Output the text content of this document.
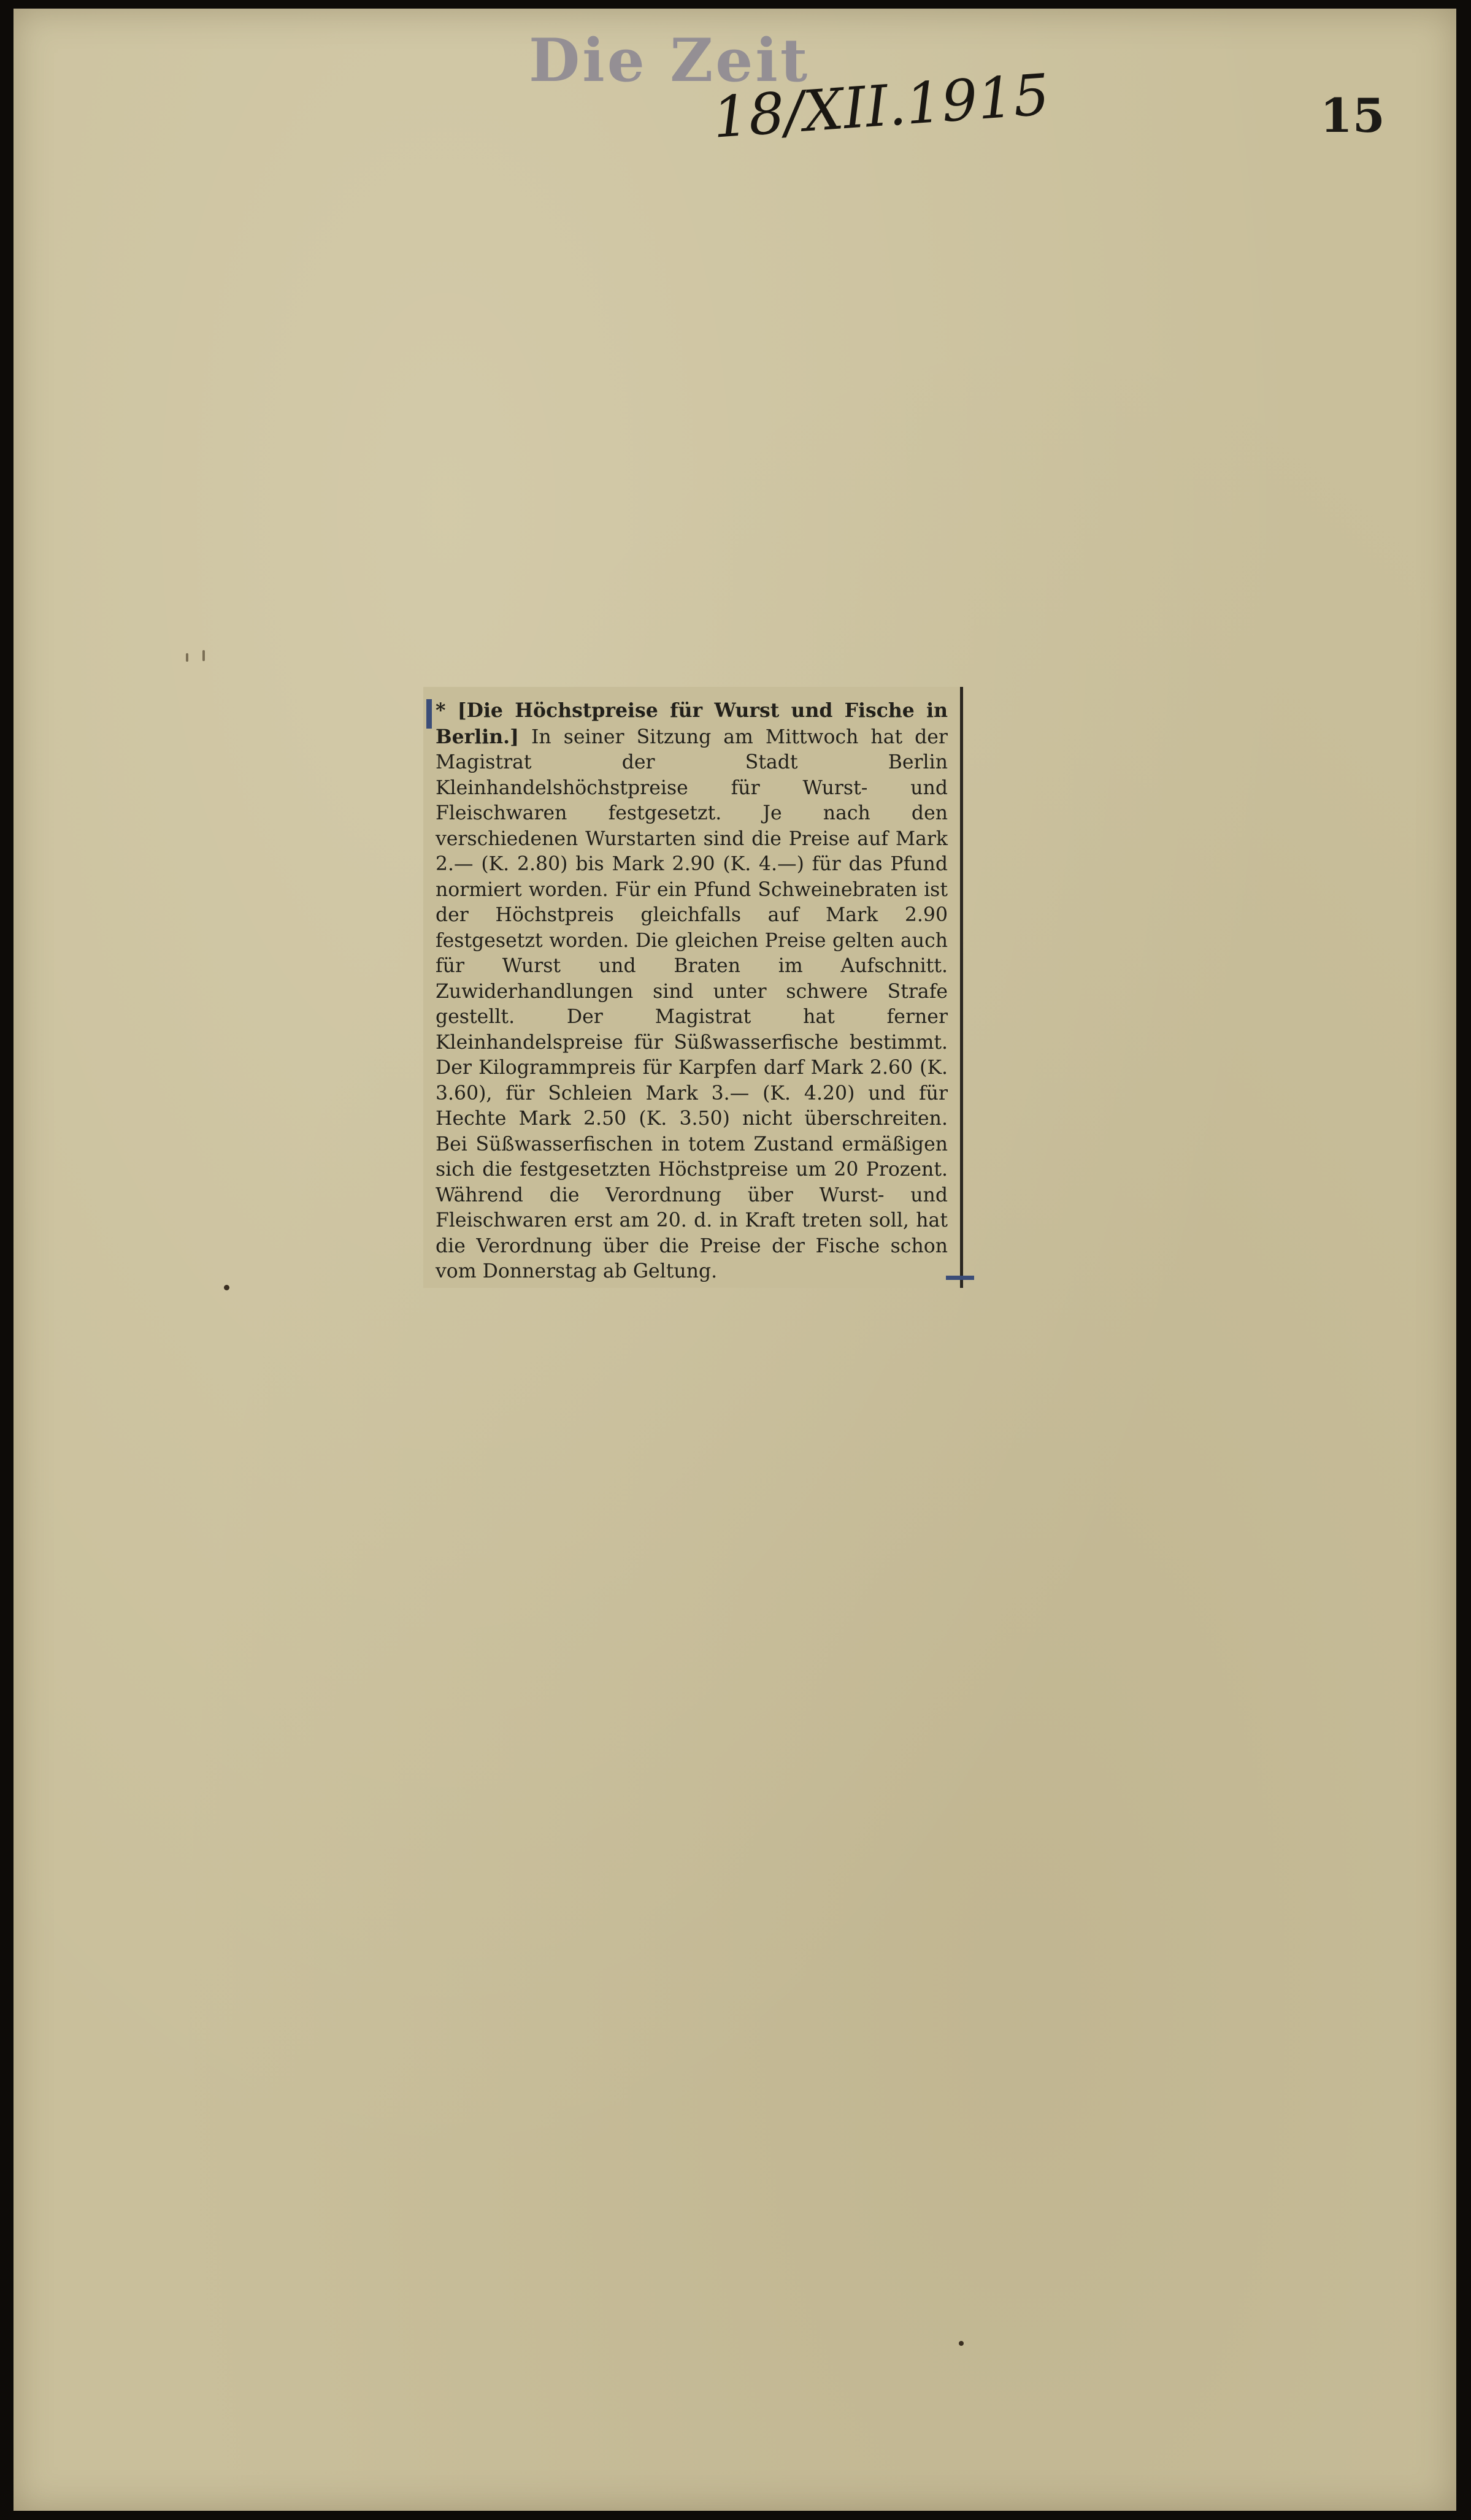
Die Zeit
18/XII.1915	15

* [Die Höchstpreise für Wurst und Fische in Berlin.] In seiner Sitzung am Mittwoch hat der Magistrat der Stadt Berlin Kleinhandelshöchstpreise für Wurst- und Fleischwaren festgesetzt. Je nach den verschiedenen Wurstarten sind die Preise auf Mark 2.— (K. 2.80) bis Mark 2.90 (K. 4.—) für das Pfund normiert worden. Für ein Pfund Schweinebraten ist der Höchstpreis gleichfalls auf Mark 2.90 festgesetzt worden. Die gleichen Preise gelten auch für Wurst und Braten im Aufschnitt. Zuwiderhandlungen sind unter schwere Strafe gestellt. Der Magistrat hat ferner Kleinhandelspreise für Süßwasserfische bestimmt. Der Kilogrammpreis für Karpfen darf Mark 2.60 (K. 3.60), für Schleien Mark 3.— (K. 4.20) und für Hechte Mark 2.50 (K. 3.50) nicht überschreiten. Bei Süßwasserfischen in totem Zustand ermäßigen sich die festgesetzten Höchstpreise um 20 Prozent. Während die Verordnung über Wurst- und Fleischwaren erst am 20. d. in Kraft treten soll, hat die Verordnung über die Preise der Fische schon vom Donnerstag ab Geltung.
